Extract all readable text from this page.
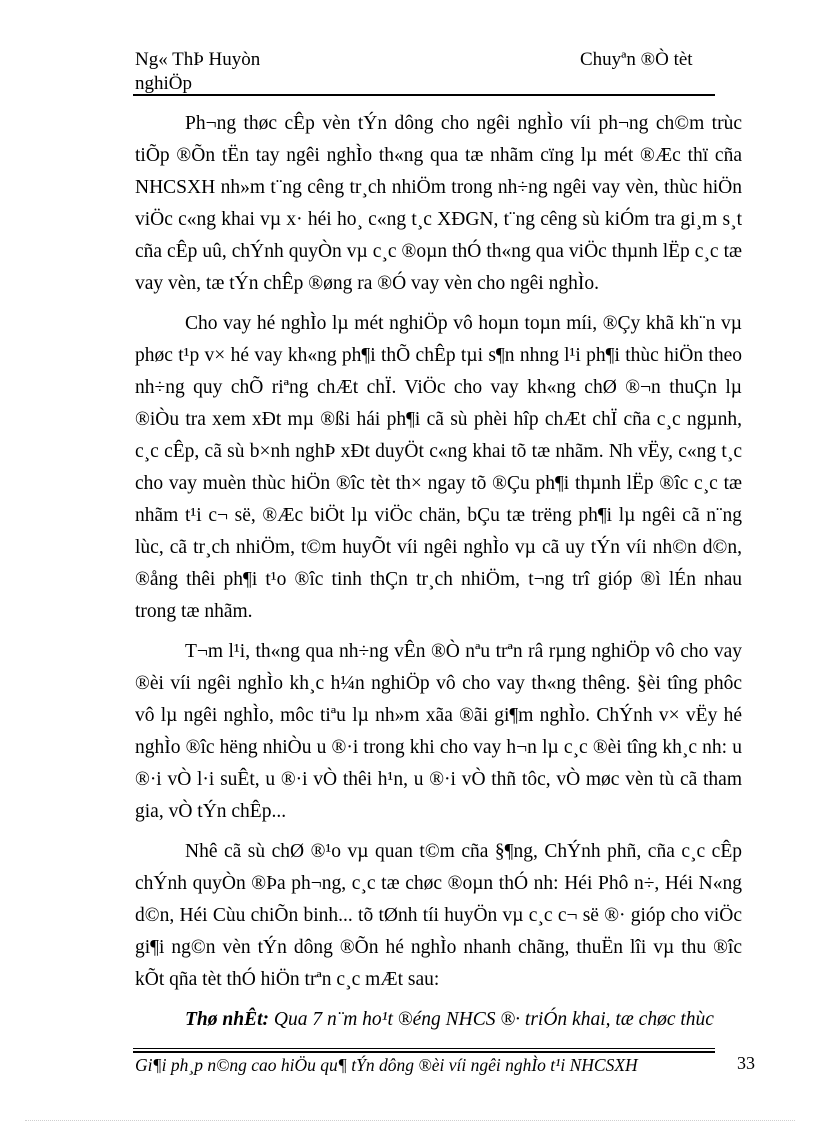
Ng« ThÞ Huyòn
nghiÖp
Chuyªn ®Ò tèt

Ph¬ng thøc cÊp vèn tÝn dông cho ngêi nghÌo víi ph¬ng ch©m trùc tiÕp ®Õn tËn tay ngêi nghÌo th«ng qua tæ nhãm cïng lµ mét ®Æc thï cña NHCSXH nh»m t¨ng cêng tr¸ch nhiÖm trong nh÷ng ngêi vay vèn, thùc hiÖn viÖc c«ng khai vµ x· héi ho¸ c«ng t¸c XĐGN, t¨ng cêng sù kiÓm tra gi¸m s¸t cña cÊp uû, chÝnh quyÒn vµ c¸c ®oµn thÓ th«ng qua viÖc thµnh lËp c¸c tæ vay vèn, tæ tÝn chÊp ®øng ra ®Ó vay vèn cho ngêi nghÌo.

Cho vay hé nghÌo lµ mét nghiÖp vô hoµn toµn míi, ®Çy khã kh¨n vµ phøc t¹p v× hé vay kh«ng ph¶i thÕ chÊp tµi s¶n nhng l¹i ph¶i thùc hiÖn theo nh÷ng quy chÕ riªng chÆt chÏ. ViÖc cho vay kh«ng chØ ®¬n thuÇn lµ ®iÒu tra xem xÐt mµ ®ßi hái ph¶i cã sù phèi hîp chÆt chÏ cña c¸c ngµnh, c¸c cÊp, cã sù b×nh nghÞ xÐt duyÖt c«ng khai tõ tæ nhãm. Nh vËy, c«ng t¸c cho vay muèn thùc hiÖn ®îc tèt th× ngay tõ ®Çu ph¶i thµnh lËp ®îc c¸c tæ nhãm t¹i c¬ së, ®Æc biÖt lµ viÖc chän, bÇu tæ trëng ph¶i lµ ngêi cã n¨ng lùc, cã tr¸ch nhiÖm, t©m huyÕt víi ngêi nghÌo vµ cã uy tÝn víi nh©n d©n, ®ång thêi ph¶i t¹o ®îc tinh thÇn tr¸ch nhiÖm, t¬ng trî gióp ®ì lÉn nhau trong tæ nhãm.

T¬m l¹i, th«ng qua nh÷ng vÊn ®Ò nªu trªn râ rµng nghiÖp vô cho vay ®èi víi ngêi nghÌo kh¸c h¼n nghiÖp vô cho vay th«ng thêng. §èi tîng phôc vô lµ ngêi nghÌo, môc tiªu lµ nh»m xãa ®ãi gi¶m nghÌo. ChÝnh v× vËy hé nghÌo ®îc hëng nhiÒu u ®·i trong khi cho vay h¬n lµ c¸c ®èi tîng kh¸c nh: u ®·i vÒ l·i suÊt, u ®·i vÒ thêi h¹n, u ®·i vÒ thñ tôc, vÒ møc vèn tù cã tham gia, vÒ tÝn chÊp...

Nhê cã sù chØ ®¹o vµ quan t©m cña §¶ng, ChÝnh phñ, cña c¸c cÊp chÝnh quyÒn ®Þa ph¬ng, c¸c tæ chøc ®oµn thÓ nh: Héi Phô n÷, Héi N«ng d©n, Héi Cùu chiÕn binh... tõ tØnh tíi huyÖn vµ c¸c c¬ së ®· gióp cho viÖc gi¶i ng©n vèn tÝn dông ®Õn hé nghÌo nhanh chãng, thuËn lîi vµ thu ®îc kÕt qña tèt thÓ hiÖn trªn c¸c mÆt sau:

Thø nhÊt: Qua 7 n¨m ho¹t ®éng NHCS ®· triÓn khai, tæ chøc thùc

Gi¶i ph¸p n©ng cao hiÖu qu¶ tÝn dông ®èi víi ngêi nghÌo t¹i NHCSXH	33
